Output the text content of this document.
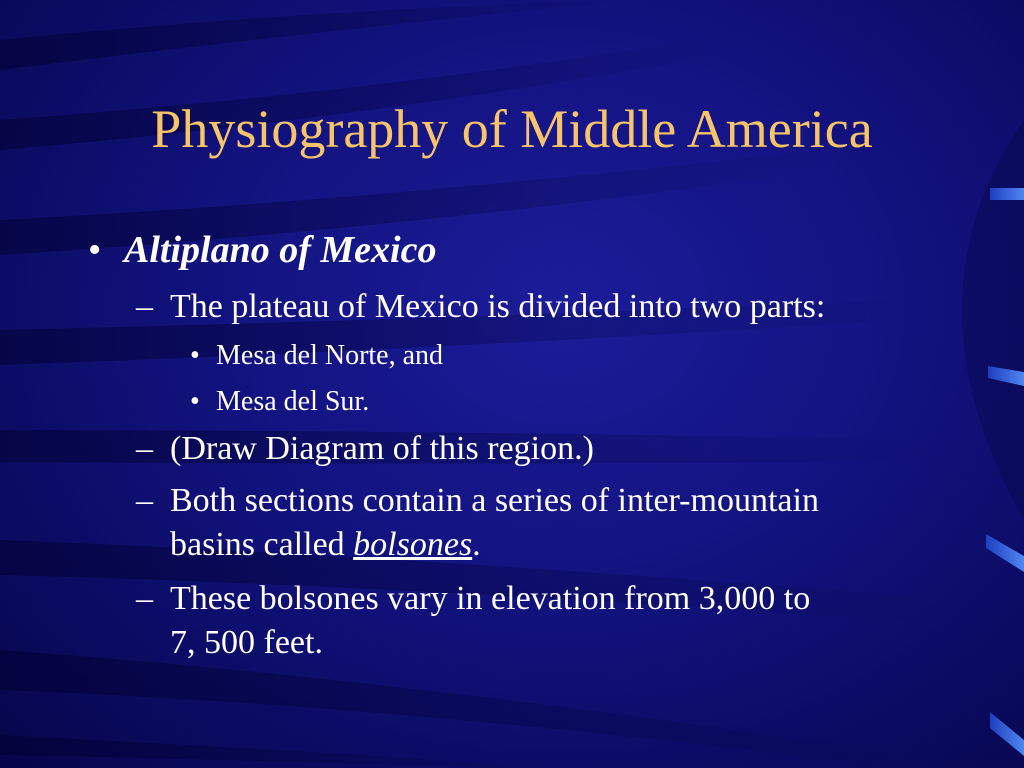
Physiography of Middle America

• Altiplano of Mexico

– The plateau of Mexico is divided into two parts:

• Mesa del Norte, and

• Mesa del Sur.

– (Draw Diagram of this region.)

– Both sections contain a series of inter-mountain

basins called bolsones.

– These bolsones vary in elevation from 3,000 to

7, 500 feet.
